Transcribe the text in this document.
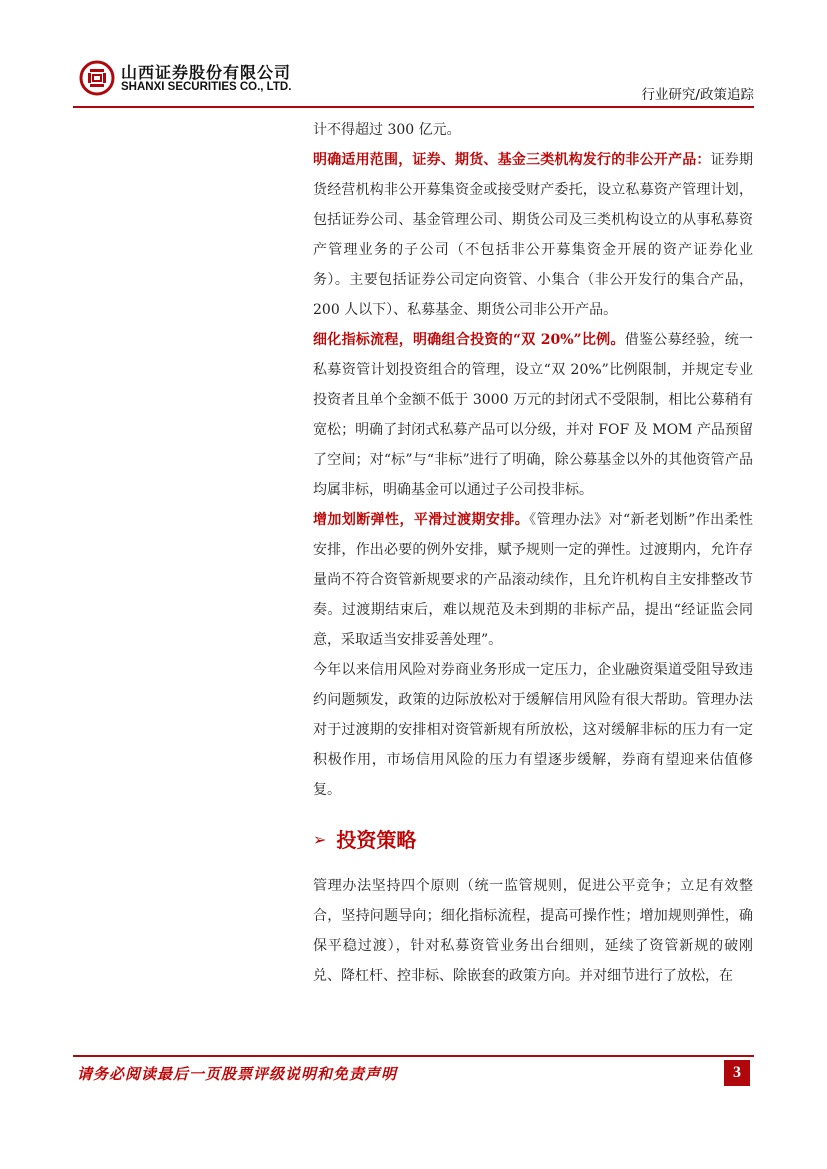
山西证券股份有限公司
SHANXI SECURITIES CO., LTD.	行业研究/政策追踪

计不得超过 300 亿元。

明确适用范围，证券、期货、基金三类机构发行的非公开产品：证券期货经营机构非公开募集资金或接受财产委托，设立私募资产管理计划，包括证券公司、基金管理公司、期货公司及三类机构设立的从事私募资产管理业务的子公司（不包括非公开募集资金开展的资产证券化业务）。主要包括证券公司定向资管、小集合（非公开发行的集合产品，200 人以下）、私募基金、期货公司非公开产品。

细化指标流程，明确组合投资的“双 20%”比例。借鉴公募经验，统一私募资管计划投资组合的管理，设立“双 20%”比例限制，并规定专业投资者且单个金额不低于 3000 万元的封闭式不受限制，相比公募稍有宽松；明确了封闭式私募产品可以分级，并对 FOF 及 MOM 产品预留了空间；对“标”与“非标”进行了明确，除公募基金以外的其他资管产品均属非标，明确基金可以通过子公司投非标。

增加划断弹性，平滑过渡期安排。《管理办法》对“新老划断”作出柔性安排，作出必要的例外安排，赋予规则一定的弹性。过渡期内，允许存量尚不符合资管新规要求的产品滚动续作，且允许机构自主安排整改节奏。过渡期结束后，难以规范及未到期的非标产品，提出“经证监会同意，采取适当安排妥善处理”。

今年以来信用风险对券商业务形成一定压力，企业融资渠道受阻导致违约问题频发，政策的边际放松对于缓解信用风险有很大帮助。管理办法对于过渡期的安排相对资管新规有所放松，这对缓解非标的压力有一定积极作用，市场信用风险的压力有望逐步缓解，券商有望迎来估值修复。

➢ 投资策略

管理办法坚持四个原则（统一监管规则，促进公平竞争；立足有效整合，坚持问题导向；细化指标流程，提高可操作性；增加规则弹性，确保平稳过渡），针对私募资管业务出台细则，延续了资管新规的破刚兑、降杠杆、控非标、除嵌套的政策方向。并对细节进行了放松，在

请务必阅读最后一页股票评级说明和免责声明	3
